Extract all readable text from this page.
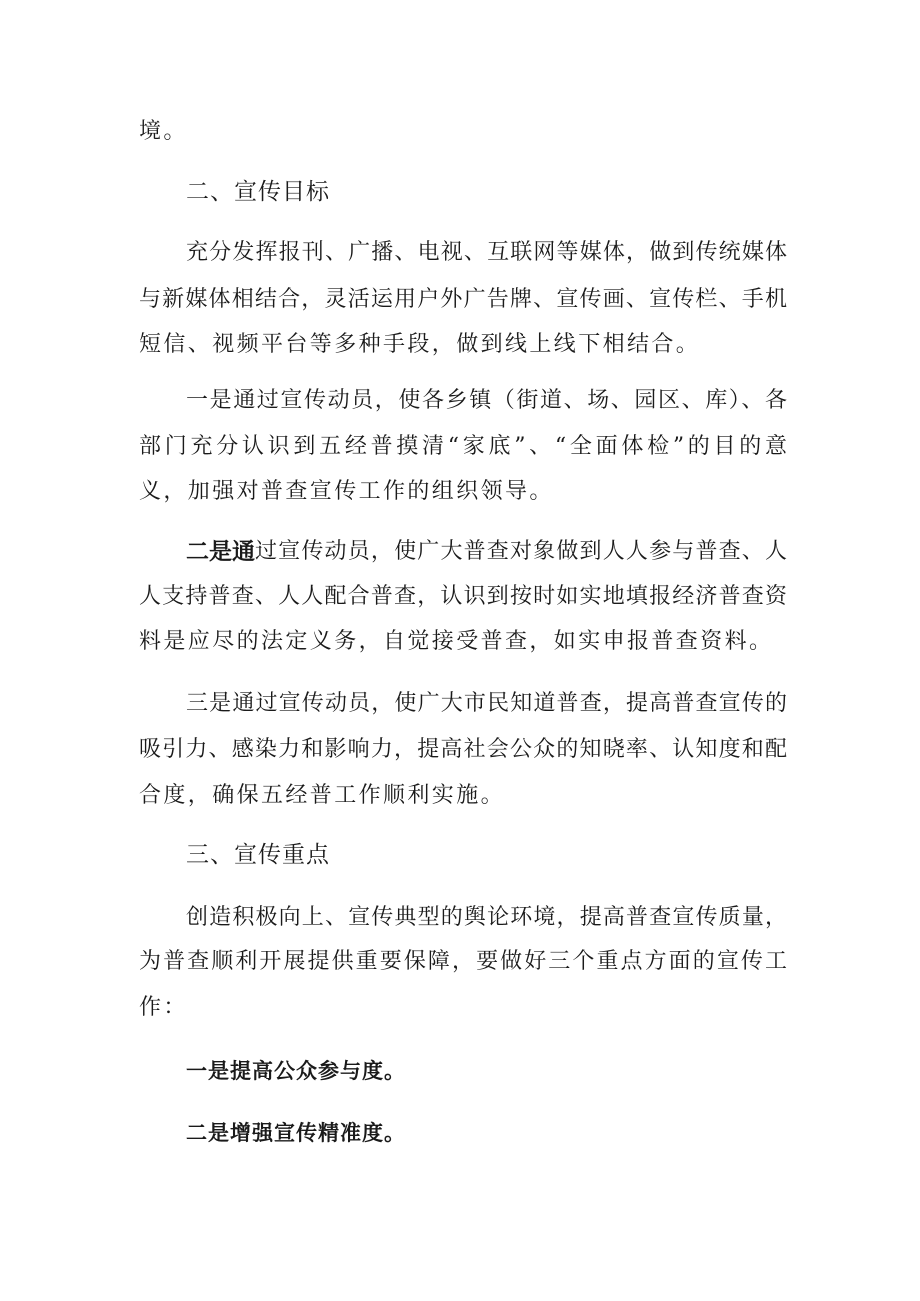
境。
二、宣传目标
充分发挥报刊、广播、电视、互联网等媒体，做到传统媒体
与新媒体相结合，灵活运用户外广告牌、宣传画、宣传栏、手机
短信、视频平台等多种手段，做到线上线下相结合。
一是通过宣传动员，使各乡镇（街道、场、园区、库）、各
部门充分认识到五经普摸清“家底”、“全面体检”的目的意
义，加强对普查宣传工作的组织领导。
二是通 过宣传动员，使广大普查对象做到人人参与普查、人
人支持普查、人人配合普查，认识到按时如实地填报经济普查资
料是应尽的法定义务，自觉接受普查，如实申报普查资料。
三是通过宣传动员，使广大市民知道普查，提高普查宣传的
吸引力、感染力和影响力，提高社会公众的知晓率、认知度和配
合度，确保五经普工作顺利实施。
三、宣传重点
创造积极向上、宣传典型的舆论环境，提高普查宣传质量，
为普查顺利开展提供重要保障，要做好三个重点方面的宣传工
作：
一是提高公众参与度。
二是增强宣传精准度。
